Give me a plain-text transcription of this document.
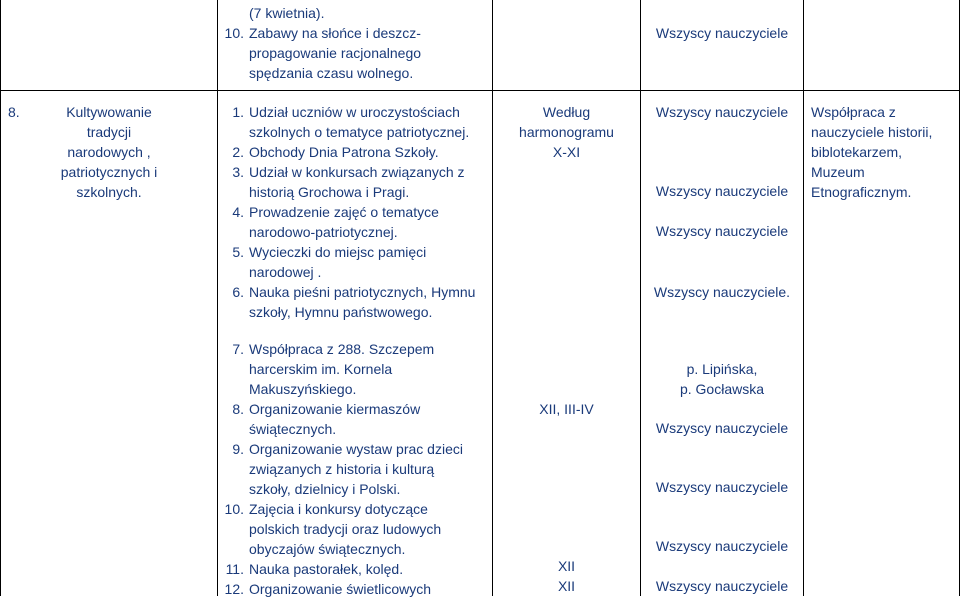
(7 kwietnia).
10. Zabawy na słońce i deszcz-
propagowanie racjonalnego
spędzania czasu wolnego.
Wszyscy nauczyciele
8.	Kultywowanie
tradycji
narodowych ,
patriotycznych i
szkolnych.
1. Udział uczniów w uroczystościach
szkolnych o tematyce patriotycznej.
2. Obchody Dnia Patrona Szkoły.
3. Udział w konkursach związanych z
historią Grochowa i Pragi.
4. Prowadzenie zajęć o tematyce
narodowo-patriotycznej.
5. Wycieczki do miejsc pamięci
narodowej .
6. Nauka pieśni patriotycznych, Hymnu
szkoły, Hymnu państwowego.
Według
harmonogramu
X-XI
Wszyscy nauczyciele
Wszyscy nauczyciele
Wszyscy nauczyciele
Wszyscy nauczyciele.
Współpraca z
nauczyciele historii,
biblotekarzem,
Muzeum
Etnograficznym.
7. Współpraca z 288. Szczepem
harcerskim im. Kornela
Makuszyńskiego.
8. Organizowanie kiermaszów
świątecznych.
9. Organizowanie wystaw prac dzieci
związanych z historia i kulturą
szkoły, dzielnicy i Polski.
10. Zajęcia i konkursy dotyczące
polskich tradycji oraz ludowych
obyczajów świątecznych.
11. Nauka pastorałek, kolęd.
12. Organizowanie świetlicowych
XII, III-IV
XII
XII
p. Lipińska,
p. Gocławska
Wszyscy nauczyciele
Wszyscy nauczyciele
Wszyscy nauczyciele
Wszyscy nauczyciele
